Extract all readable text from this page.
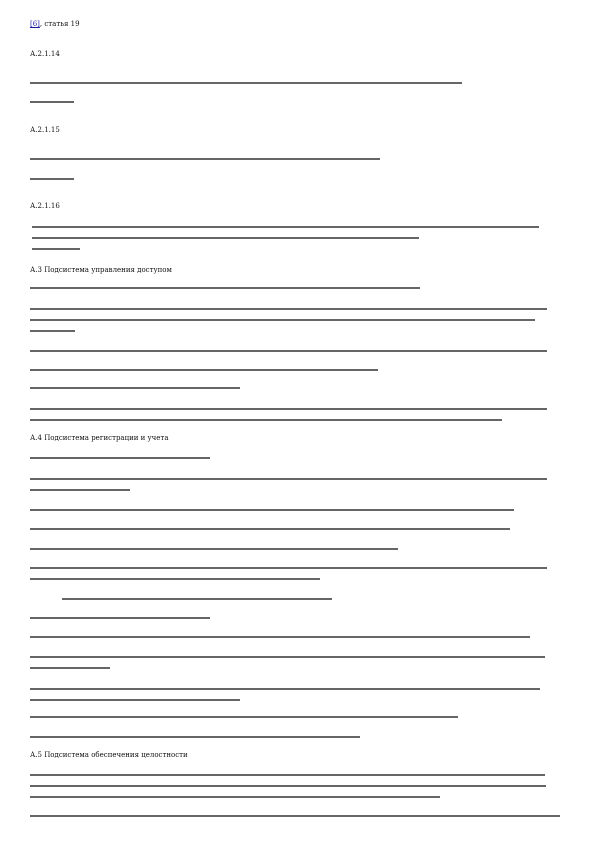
[6], статья 19
А.2.1.14
А.2.1.15
А.2.1.16
А.3 Подсистема управления доступом
А.4 Подсистема регистрации и учета
А.5 Подсистема обеспечения целостности
